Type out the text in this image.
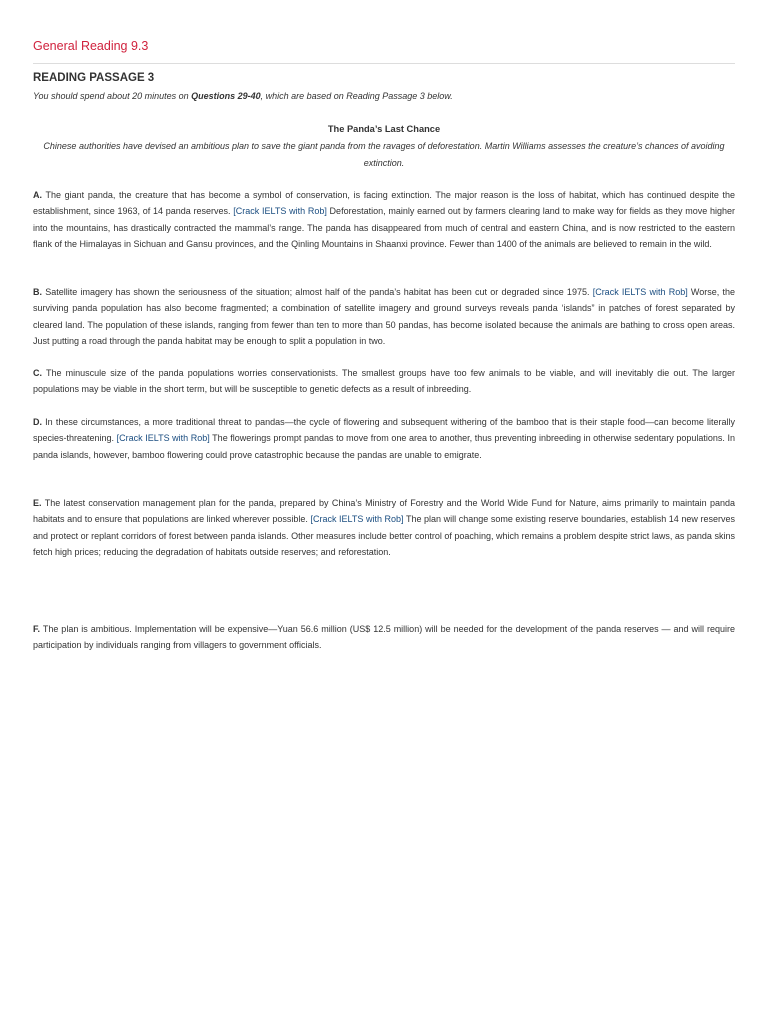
General Reading 9.3
READING PASSAGE 3

You should spend about 20 minutes on Questions 29-40, which are based on Reading Passage 3 below.

The Panda’s Last Chance

Chinese authorities have devised an ambitious plan to save the giant panda from the ravages of deforestation. Martin Williams assesses the creature’s chances of avoiding extinction.

A. The giant panda, the creature that has become a symbol of conservation, is facing extinction. The major reason is the loss of habitat, which has continued despite the establishment, since 1963, of 14 panda reserves. [Crack IELTS with Rob] Deforestation, mainly earned out by farmers clearing land to make way for fields as they move higher into the mountains, has drastically contracted the mammal’s range. The panda has disappeared from much of central and eastern China, and is now restricted to the eastern flank of the Himalayas in Sichuan and Gansu provinces, and the Qinling Mountains in Shaanxi province. Fewer than 1400 of the animals are believed to remain in the wild.

B. Satellite imagery has shown the seriousness of the situation; almost half of the panda’s habitat has been cut or degraded since 1975. [Crack IELTS with Rob] Worse, the surviving panda population has also become fragmented; a combination of satellite imagery and ground surveys reveals panda ‘islands” in patches of forest separated by cleared land. The population of these islands, ranging from fewer than ten to more than 50 pandas, has become isolated because the animals are bathing to cross open areas. Just putting a road through the panda habitat may be enough to split a population in two.

C. The minuscule size of the panda populations worries conservationists. The smallest groups have too few animals to be viable, and will inevitably die out. The larger populations may be viable in the short term, but will be susceptible to genetic defects as a result of inbreeding.

D. In these circumstances, a more traditional threat to pandas—the cycle of flowering and subsequent withering of the bamboo that is their staple food—can become literally species-threatening. [Crack IELTS with Rob] The flowerings prompt pandas to move from one area to another, thus preventing inbreeding in otherwise sedentary populations. In panda islands, however, bamboo flowering could prove catastrophic because the pandas are unable to emigrate.

E. The latest conservation management plan for the panda, prepared by China’s Ministry of Forestry and the World Wide Fund for Nature, aims primarily to maintain panda habitats and to ensure that populations are linked wherever possible. [Crack IELTS with Rob] The plan will change some existing reserve boundaries, establish 14 new reserves and protect or replant corridors of forest between panda islands. Other measures include better control of poaching, which remains a problem despite strict laws, as panda skins fetch high prices; reducing the degradation of habitats outside reserves; and reforestation.

F. The plan is ambitious. Implementation will be expensive—Yuan 56.6 million (US$ 12.5 million) will be needed for the development of the panda reserves — and will require participation by individuals ranging from villagers to government officials.
